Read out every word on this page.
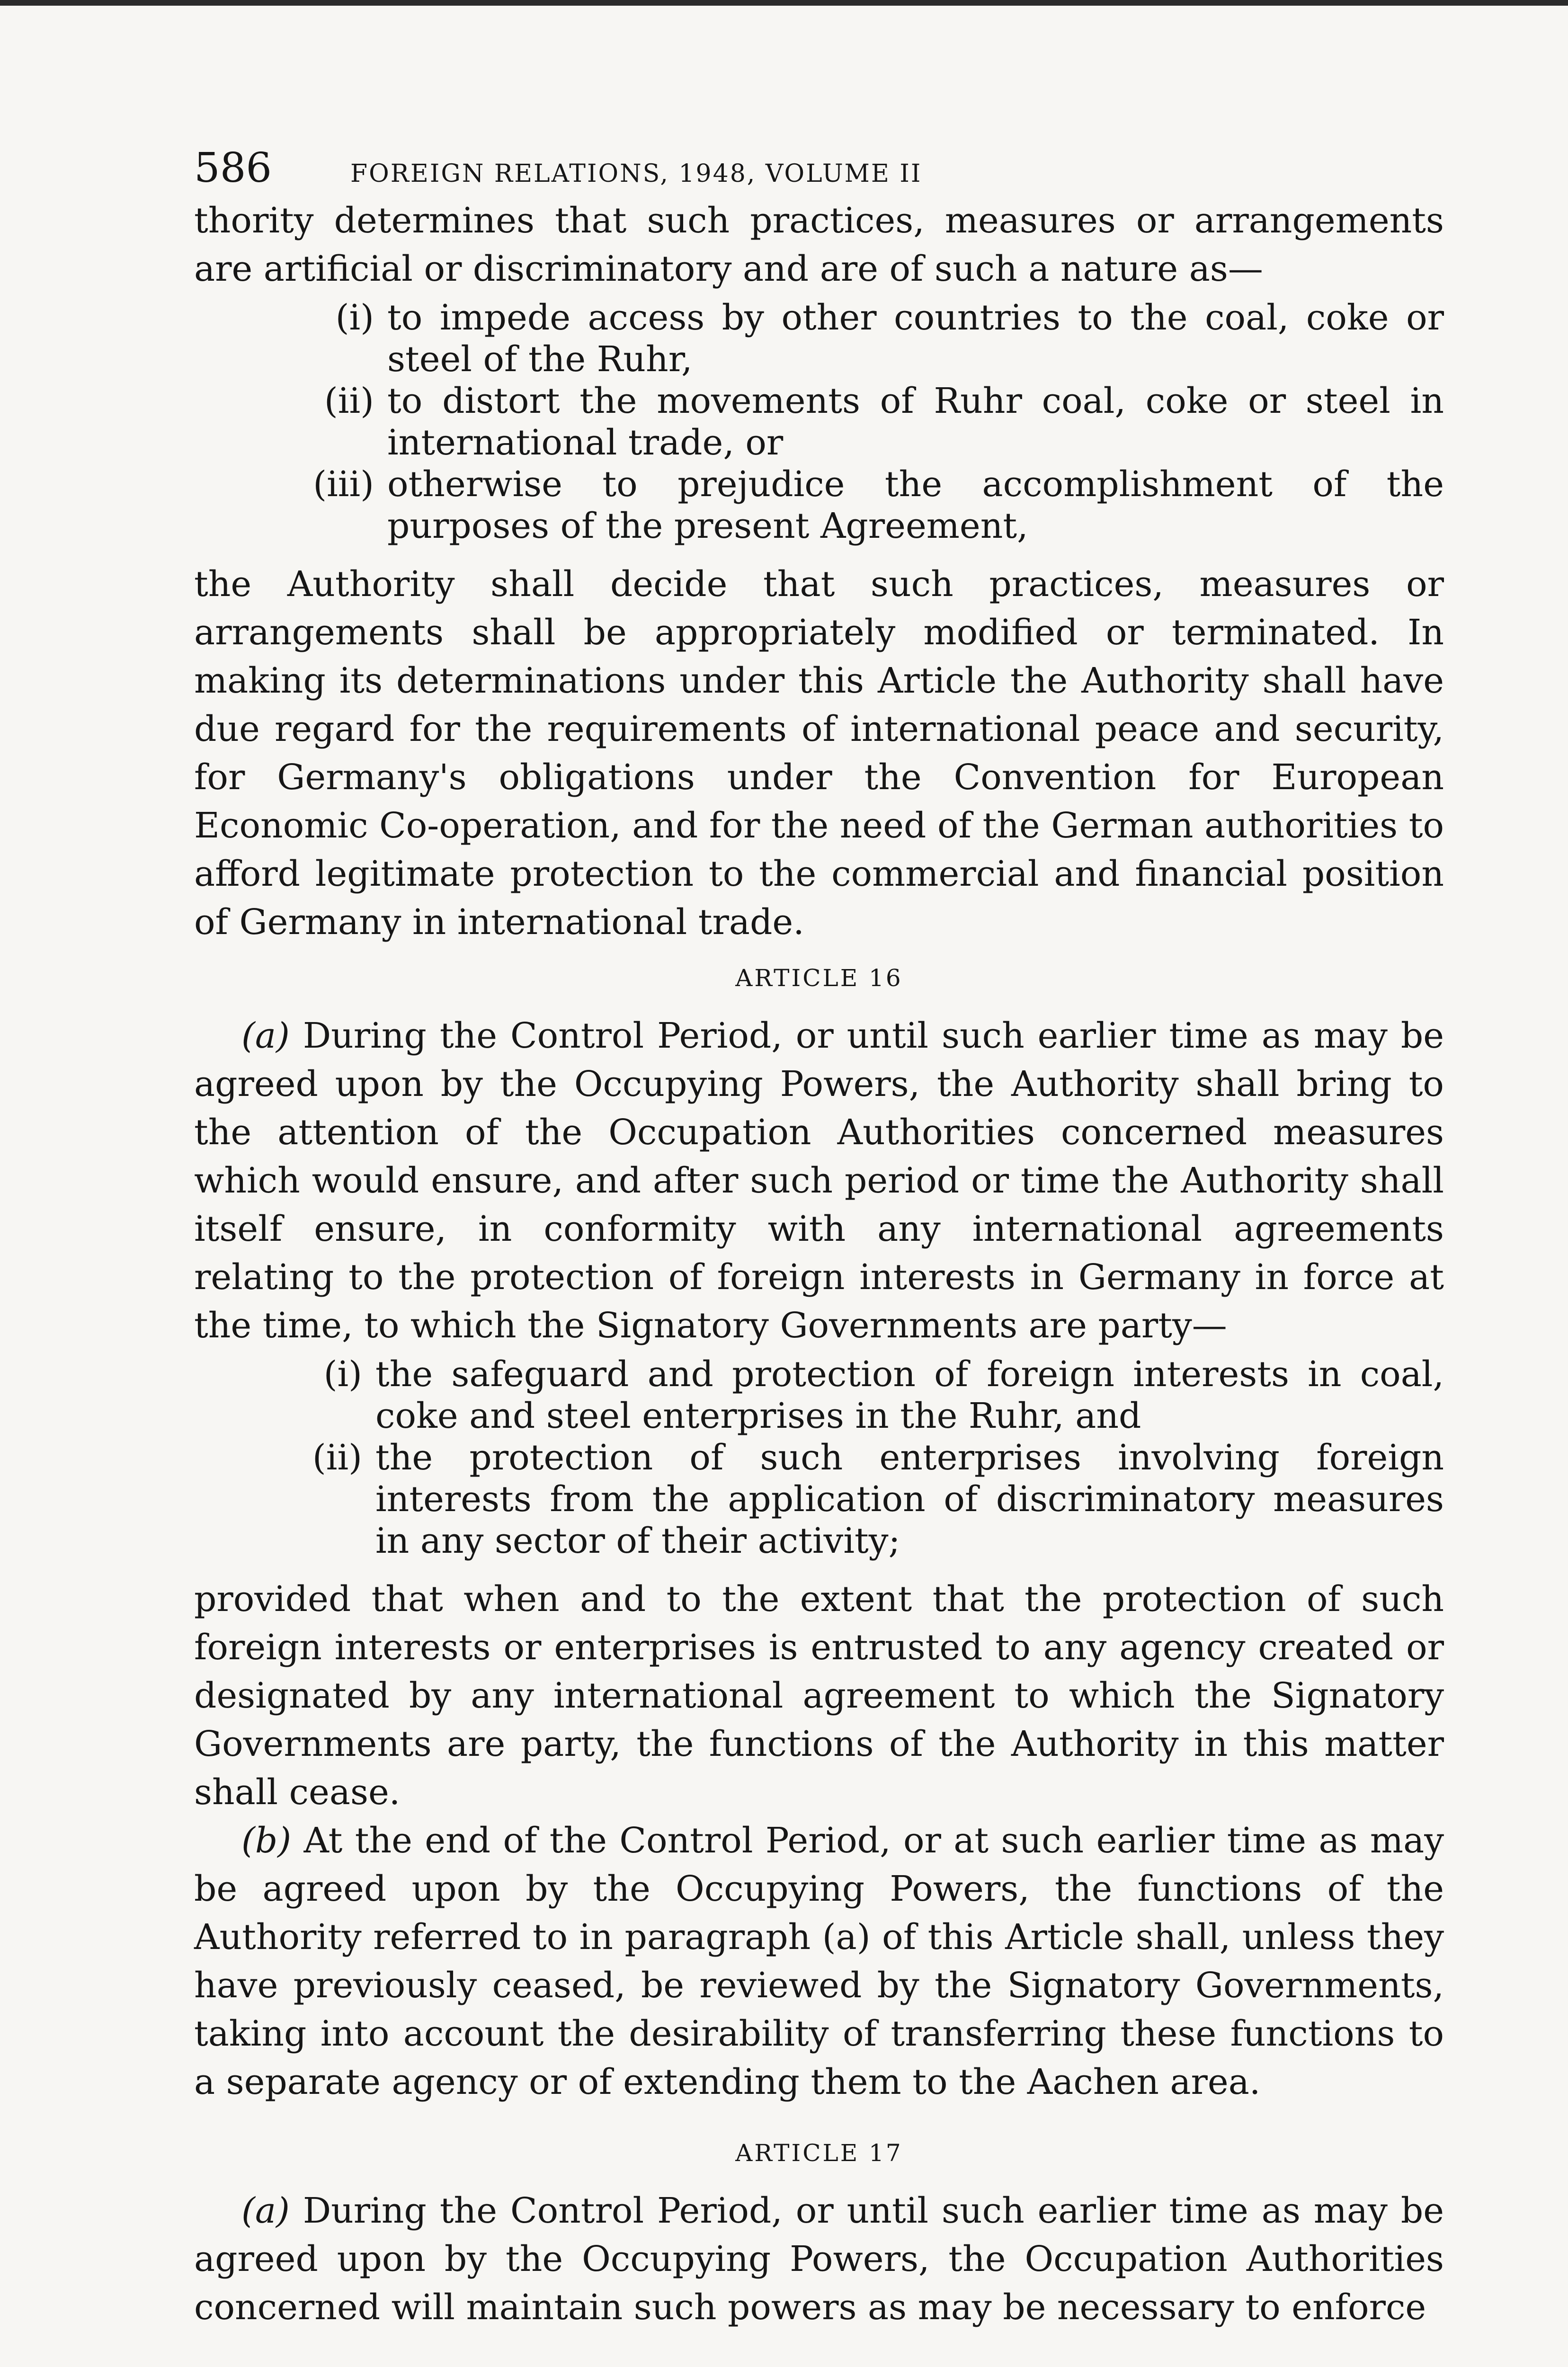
586	FOREIGN RELATIONS, 1948, VOLUME II

thority determines that such practices, measures or arrangements are artificial or discriminatory and are of such a nature as—

(i) to impede access by other countries to the coal, coke or steel of the Ruhr,
(ii) to distort the movements of Ruhr coal, coke or steel in international trade, or
(iii) otherwise to prejudice the accomplishment of the purposes of the present Agreement,

the Authority shall decide that such practices, measures or arrangements shall be appropriately modified or terminated. In making its determinations under this Article the Authority shall have due regard for the requirements of international peace and security, for Germany's obligations under the Convention for European Economic Co-operation, and for the need of the German authorities to afford legitimate protection to the commercial and financial position of Germany in international trade.

ARTICLE 16

(a) During the Control Period, or until such earlier time as may be agreed upon by the Occupying Powers, the Authority shall bring to the attention of the Occupation Authorities concerned measures which would ensure, and after such period or time the Authority shall itself ensure, in conformity with any international agreements relating to the protection of foreign interests in Germany in force at the time, to which the Signatory Governments are party—

(i) the safeguard and protection of foreign interests in coal, coke and steel enterprises in the Ruhr, and
(ii) the protection of such enterprises involving foreign interests from the application of discriminatory measures in any sector of their activity;

provided that when and to the extent that the protection of such foreign interests or enterprises is entrusted to any agency created or designated by any international agreement to which the Signatory Governments are party, the functions of the Authority in this matter shall cease.

(b) At the end of the Control Period, or at such earlier time as may be agreed upon by the Occupying Powers, the functions of the Authority referred to in paragraph (a) of this Article shall, unless they have previously ceased, be reviewed by the Signatory Governments, taking into account the desirability of transferring these functions to a separate agency or of extending them to the Aachen area.

ARTICLE 17

(a) During the Control Period, or until such earlier time as may be agreed upon by the Occupying Powers, the Occupation Authorities concerned will maintain such powers as may be necessary to enforce
